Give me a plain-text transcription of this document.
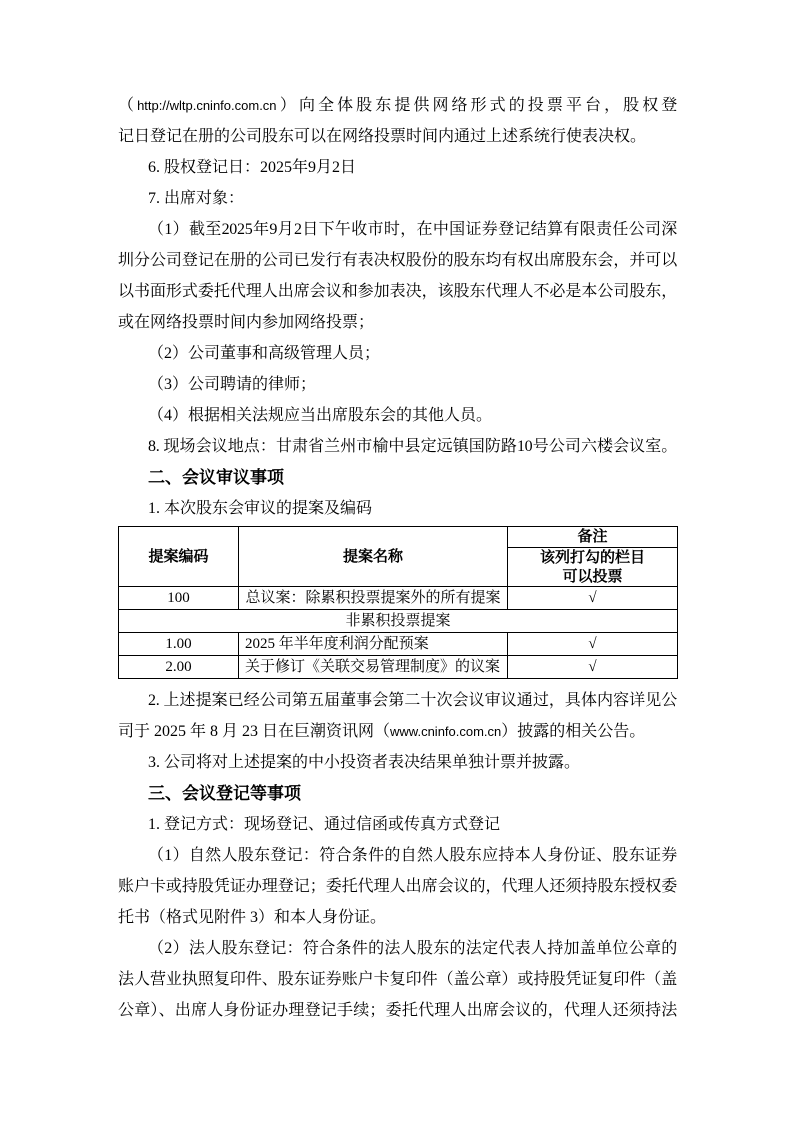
（http://wltp.cninfo.com.cn）向全体股东提供网络形式的投票平台，股权登
记日登记在册的公司股东可以在网络投票时间内通过上述系统行使表决权。
6. 股权登记日：2025年9月2日
7. 出席对象：
（1）截至2025年9月2日下午收市时，在中国证券登记结算有限责任公司深
圳分公司登记在册的公司已发行有表决权股份的股东均有权出席股东会，并可以
以书面形式委托代理人出席会议和参加表决，该股东代理人不必是本公司股东，
或在网络投票时间内参加网络投票；
（2）公司董事和高级管理人员；
（3）公司聘请的律师；
（4）根据相关法规应当出席股东会的其他人员。
8. 现场会议地点：甘肃省兰州市榆中县定远镇国防路10号公司六楼会议室。
二、会议审议事项
1. 本次股东会审议的提案及编码
提案编码	提案名称	备注

		该列打勾的栏目
可以投票

100	总议案：除累积投票提案外的所有提案	√
非累积投票提案		
1.00	2025 年半年度利润分配预案	√
2.00	关于修订《关联交易管理制度》的议案	√
2. 上述提案已经公司第五届董事会第二十次会议审议通过，具体内容详见公
司于 2025 年 8 月 23 日在巨潮资讯网（www.cninfo.com.cn）披露的相关公告。
3. 公司将对上述提案的中小投资者表决结果单独计票并披露。
三、会议登记等事项
1. 登记方式：现场登记、通过信函或传真方式登记
（1）自然人股东登记：符合条件的自然人股东应持本人身份证、股东证券
账户卡或持股凭证办理登记；委托代理人出席会议的，代理人还须持股东授权委
托书（格式见附件 3）和本人身份证。
（2）法人股东登记：符合条件的法人股东的法定代表人持加盖单位公章的
法人营业执照复印件、股东证券账户卡复印件（盖公章）或持股凭证复印件（盖
公章）、出席人身份证办理登记手续；委托代理人出席会议的，代理人还须持法
